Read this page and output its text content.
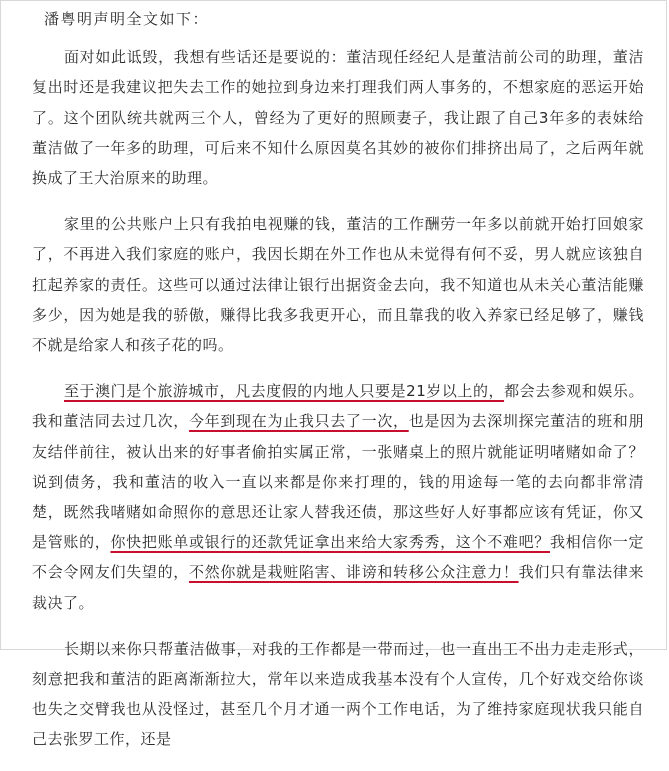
潘粤明声明全文如下：

面对如此诋毁，我想有些话还是要说的：董洁现任经纪人是董洁前公司的助理，董洁复出时还是我建议把失去工作的她拉到身边来打理我们两人事务的，不想家庭的恶运开始了。这个团队统共就两三个人，曾经为了更好的照顾妻子，我让跟了自己3年多的表妹给董洁做了一年多的助理，可后来不知什么原因莫名其妙的被你们排挤出局了，之后两年就换成了王大治原来的助理。

家里的公共账户上只有我拍电视赚的钱，董洁的工作酬劳一年多以前就开始打回娘家了，不再进入我们家庭的账户，我因长期在外工作也从未觉得有何不妥，男人就应该独自扛起养家的责任。这些可以通过法律让银行出据资金去向，我不知道也从未关心董洁能赚多少，因为她是我的骄傲，赚得比我多我更开心，而且靠我的收入养家已经足够了，赚钱不就是给家人和孩子花的吗。

至于澳门是个旅游城市，凡去度假的内地人只要是21岁以上的，都会去参观和娱乐。我和董洁同去过几次，今年到现在为止我只去了一次，也是因为去深圳探完董洁的班和朋友结伴前往，被认出来的好事者偷拍实属正常，一张赌桌上的照片就能证明啫赌如命了？说到债务，我和董洁的收入一直以来都是你来打理的，钱的用途每一笔的去向都非常清楚，既然我啫赌如命照你的意思还让家人替我还债，那这些好人好事都应该有凭证，你又是管账的，你快把账单或银行的还款凭证拿出来给大家秀秀，这个不难吧？我相信你一定不会令网友们失望的，不然你就是栽赃陷害、诽谤和转移公众注意力！我们只有靠法律来裁决了。

长期以来你只帮董洁做事，对我的工作都是一带而过，也一直出工不出力走走形式，刻意把我和董洁的距离渐渐拉大，常年以来造成我基本没有个人宣传，几个好戏交给你谈也失之交臂我也从没怪过，甚至几个月才通一两个工作电话，为了维持家庭现状我只能自己去张罗工作，还是
